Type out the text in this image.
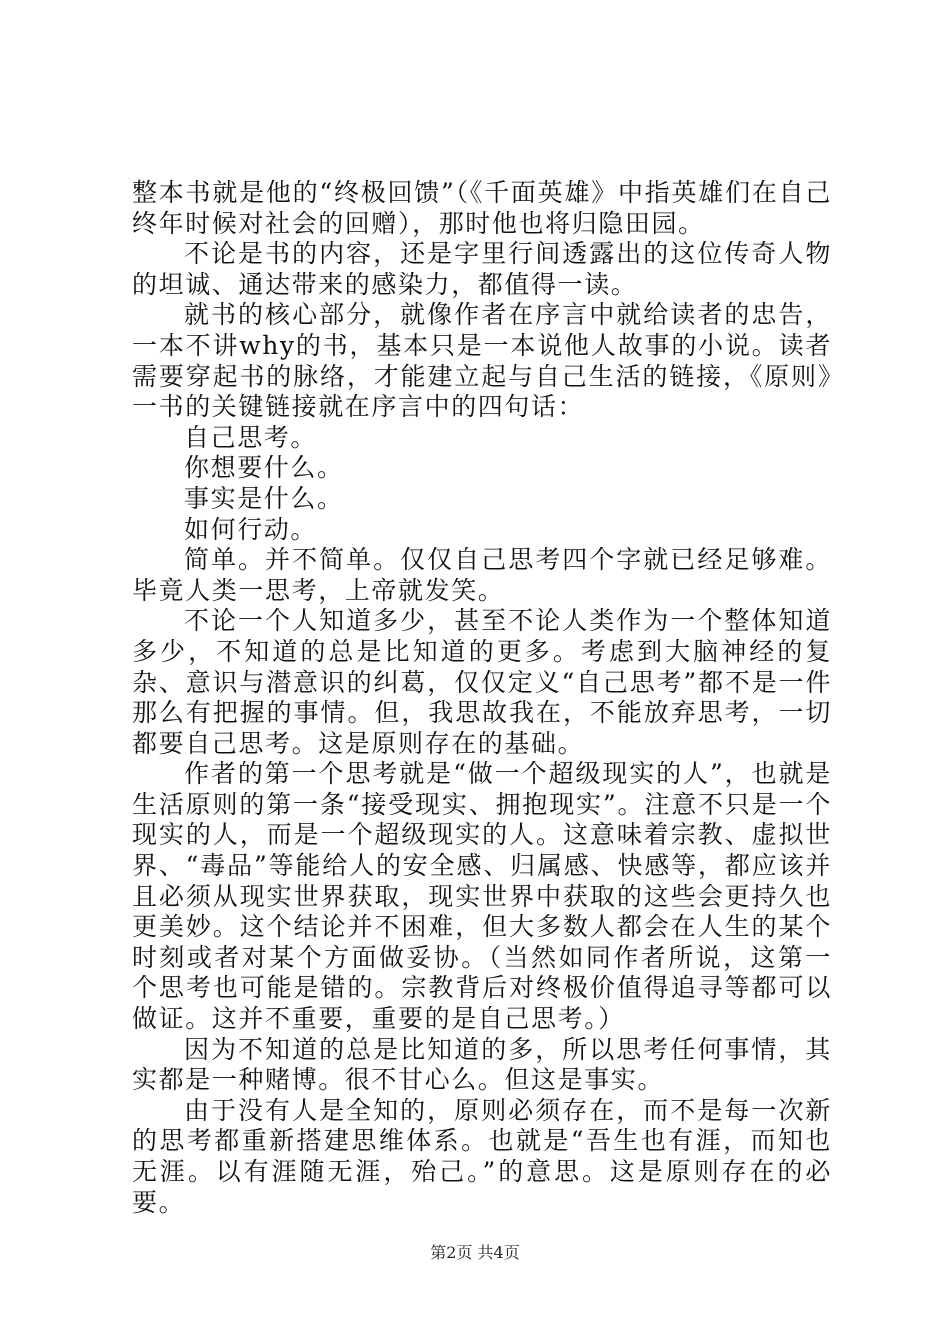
整本书就是他的“终极回馈”（《千面英雄》中指英雄们在自己终年时候对社会的回赠），那时他也将归隐田园。

不论是书的内容，还是字里行间透露出的这位传奇人物的坦诚、通达带来的感染力，都值得一读。

就书的核心部分，就像作者在序言中就给读者的忠告，一本不讲why的书，基本只是一本说他人故事的小说。读者需要穿起书的脉络，才能建立起与自己生活的链接，《原则》一书的关键链接就在序言中的四句话：

自己思考。

你想要什么。

事实是什么。

如何行动。

简单。并不简单。仅仅自己思考四个字就已经足够难。毕竟人类一思考，上帝就发笑。

不论一个人知道多少，甚至不论人类作为一个整体知道多少，不知道的总是比知道的更多。考虑到大脑神经的复杂、意识与潜意识的纠葛，仅仅定义“自己思考”都不是一件那么有把握的事情。但，我思故我在，不能放弃思考，一切都要自己思考。这是原则存在的基础。

作者的第一个思考就是“做一个超级现实的人”，也就是生活原则的第一条“接受现实、拥抱现实”。注意不只是一个现实的人，而是一个超级现实的人。这意味着宗教、虚拟世界、“毒品”等能给人的安全感、归属感、快感等，都应该并且必须从现实世界获取，现实世界中获取的这些会更持久也更美妙。这个结论并不困难，但大多数人都会在人生的某个时刻或者对某个方面做妥协。（当然如同作者所说，这第一个思考也可能是错的。宗教背后对终极价值得追寻等都可以做证。这并不重要，重要的是自己思考。）

因为不知道的总是比知道的多，所以思考任何事情，其实都是一种赌博。很不甘心么。但这是事实。

由于没有人是全知的，原则必须存在，而不是每一次新的思考都重新搭建思维体系。也就是“吾生也有涯，而知也无涯。以有涯随无涯，殆己。”的意思。这是原则存在的必要。

第2页 共4页
